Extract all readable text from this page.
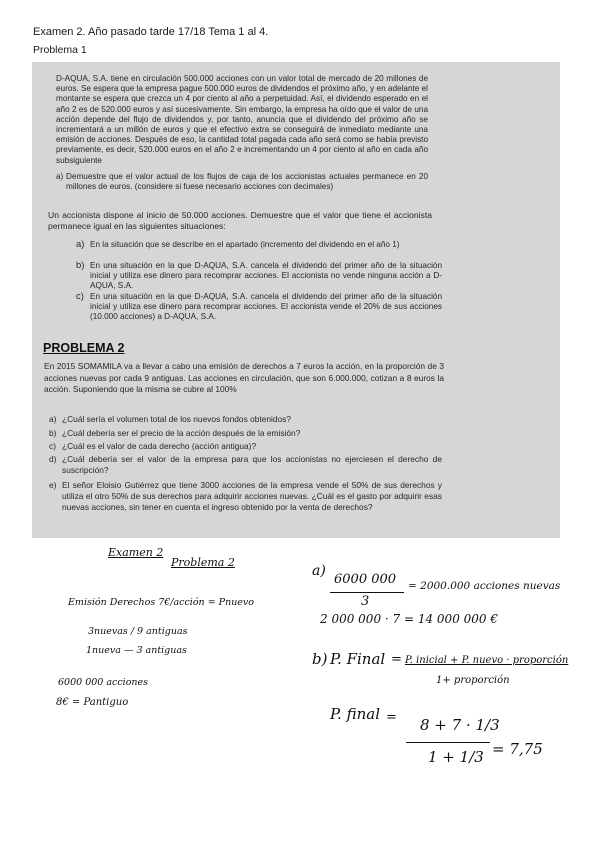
Examen 2. Año pasado tarde 17/18 Tema 1 al 4.
Problema 1

D-AQUA, S.A. tiene en circulación 500.000 acciones con un valor total de mercado de 20 millones de euros. Se espera que la empresa pague 500.000 euros de dividendos el próximo año, y en adelante el montante se espera que crezca un 4 por ciento al año a perpetuidad. Así, el dividendo esperado en el año 2 es de 520.000 euros y así sucesivamente. Sin embargo, la empresa ha oído que el valor de una acción depende del flujo de dividendos y, por tanto, anuncia que el dividendo del próximo año se incrementará a un millón de euros y que el efectivo extra se conseguirá de inmediato mediante una emisión de acciones. Después de eso, la cantidad total pagada cada año será como se había previsto previamente, es decir, 520.000 euros en el año 2 e incrementando un 4 por ciento al año en cada año subsiguiente

a) Demuestre que el valor actual de los flujos de caja de los accionistas actuales permanece en 20 millones de euros. (considere si fuese necesario acciones con decimales)

Un accionista dispone al inicio de 50.000 acciones. Demuestre que el valor que tiene el accionista permanece igual en las siguientes situaciones:

a) En la situación que se describe en el apartado (incremento del dividendo en el año 1)
b) En una situación en la que D-AQUA, S.A. cancela el dividendo del primer año de la situación inicial y utiliza ese dinero para recomprar acciones. El accionista no vende ninguna acción a D-AQUA, S.A.
c) En una situación en la que D-AQUA, S.A. cancela el dividendo del primer año de la situación inicial y utiliza ese dinero para recomprar acciones. El accionista vende el 20% de sus acciones (10.000 acciones) a D-AQUA, S.A.
PROBLEMA 2

En 2015 SOMAMILA va a llevar a cabo una emisión de derechos a 7 euros la acción, en la proporción de 3 acciones nuevas por cada 9 antiguas. Las acciones en circulación, que son 6.000.000, cotizan a 8 euros la acción. Suponiendo que la misma se cubre al 100%

a) ¿Cuál sería el volumen total de los nuevos fondos obtenidos?
b) ¿Cuál debería ser el precio de la acción después de la emisión?
c) ¿Cuál es el valor de cada derecho (acción antigua)?
d) ¿Cuál debería ser el valor de la empresa para que los accionistas no ejerciesen el derecho de suscripción?
e) El señor Eloisio Gutiérrez que tiene 3000 acciones de la empresa vende el 50% de sus derechos y utiliza el otro 50% de sus derechos para adquirir acciones nuevas. ¿Cuál es el gasto por adquirir esas nuevas acciones, sin tener en cuenta el ingreso obtenido por la venta de derechos?
Examen 2
Problema 2
Emisión Derechos 7€/acción = Pnuevo
3nuevas / 9 antiguas
1nueva — 3 antiguas
6000 000 acciones
8€ = Pantiguo
a)
6000 000
3
= 2000.000 acciones nuevas
2 000 000 · 7 = 14 000 000 €
b) P. Final = P. inicial + P. nuevo · proporción
1+ proporción
P. final = 8 + 7 · 1/3
1 + 1/3 = 7,75
